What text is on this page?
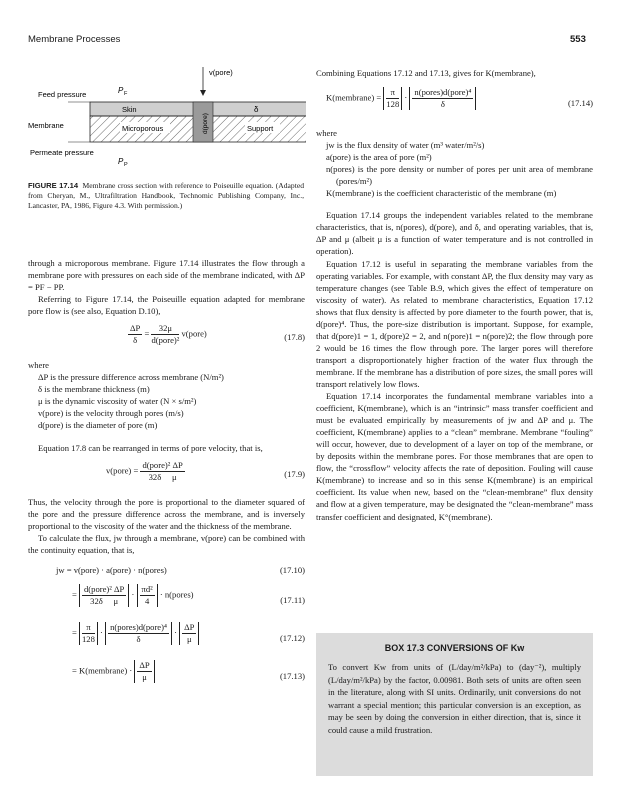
Membrane Processes	553
v(pore)
Feed pressure	P F
Skin	δ
Microporous	Support
d(pore)
Membrane
Permeate pressure
P P
FIGURE 17.14 Membrane cross section with reference to Poiseuille equation. (Adapted from Cheryan, M., Ultrafiltration Handbook, Technomic Publishing Company, Inc., Lancaster, PA, 1986, Figure 4.3. With permission.)

through a microporous membrane. Figure 17.14 illustrates the flow through a membrane pore with pressures on each side of the membrane indicated, with ΔP = PF − PP.

Referring to Figure 17.14, the Poiseuille equation adapted for membrane pore flow is (see also, Equation D.10),

$\frac{\Delta P}{\delta} = \frac{32\mu}{\text{d(pore)²}}$ v(pore)	(17.8)

where

ΔP is the pressure difference across membrane (N/m²)

δ is the membrane thickness (m)

μ is the dynamic viscosity of water (N × s/m²)

v(pore) is the velocity through pores (m/s)

d(pore) is the diameter of pore (m)

Equation 17.8 can be rearranged in terms of pore velocity, that is,

v(pore) = $\frac{\text{d(pore)² ΔP}}{\text{32δ     μ}}$	(17.9)

Thus, the velocity through the pore is proportional to the diameter squared of the pore and the pressure difference across the membrane, and is inversely proportional to the viscosity of the water and the thickness of the membrane.

To calculate the flux, jw through a membrane, v(pore) can be combined with the continuity equation, that is,

jw = v(pore) · a(pore) · n(pores)	(17.10)
= $\frac{\text{d(pore)² ΔP}}{\text{32δ     μ}} \cdot \frac{\text{πd²}}{4}$ · n(pores)
(17.11)
= $\frac{\pi}{128} \cdot \frac{\text{n(pores)d(pore)⁴}}{\delta} \cdot \frac{\Delta P}{\mu}$	(17.12)
= K(membrane) · $\frac{\Delta P}{\mu}$	(17.13)

Combining Equations 17.12 and 17.13, gives for K(membrane),

K(membrane) = $\frac{\pi}{128} \cdot \frac{\text{n(pores)d(pore)⁴}}{\delta}$	(17.14)

where

jw is the flux density of water (m³ water/m²/s)

a(pore) is the area of pore (m²)

n(pores) is the pore density or number of pores per unit area of membrane (pores/m²)

K(membrane) is the coefficient characteristic of the membrane (m)

Equation 17.14 groups the independent variables related to the membrane characteristics, that is, n(pores), d(pore), and δ, and operating variables, that is, ΔP and μ (albeit μ is a function of water temperature and is not controlled in operation).

Equation 17.12 is useful in separating the membrane variables from the operating variables. For example, with constant ΔP, the flux density may vary as temperature changes (see Table B.9, which gives the effect of temperature on viscosity of water). As related to membrane characteristics, Equation 17.12 shows that flux density is affected by pore diameter to the fourth power, that is, d(pore)⁴. Thus, the pore-size distribution is important. Suppose, for example, that d(pore)1 = 1, d(pore)2 = 2, and n(pore)1 = n(pore)2; the flow through pore 2 would be 16 times the flow through pore. The larger pores will therefore transport a disproportionately higher fraction of the water flux through the membrane. If the membrane has a distribution of pore sizes, the small pores will transport relatively low flows.

Equation 17.14 incorporates the fundamental membrane variables into a coefficient, K(membrane), which is an “intrinsic” mass transfer coefficient and must be evaluated empirically by measurements of jw and ΔP and μ. The coefficient, K(membrane) applies to a “clean” membrane. Membrane “fouling” will occur, however, due to development of a layer on top of the membrane, or by deposits within the membrane pores. For those membranes that are open to flow, the “crossflow” velocity affects the rate of deposition. Fouling will cause K(membrane) to increase and so in this sense K(membrane) is an empirical coefficient. Its value when new, based on the “clean-membrane” flux density and flow at a given temperature, may be designated the “clean-membrane” mass transfer coefficient and designated, K°(membrane).

BOX 17.3 CONVERSIONS OF Kw
To convert Kw from units of (L/day/m²/kPa) to (day⁻²), multiply (L/day/m²/kPa) by the factor, 0.00981. Both sets of units are often seen in the literature, along with SI units. Ordinarily, unit conversions do not warrant a special mention; this particular conversion is an exception, as may be seen by doing the conversion in either direction, that is, since it could cause a mild frustration.
